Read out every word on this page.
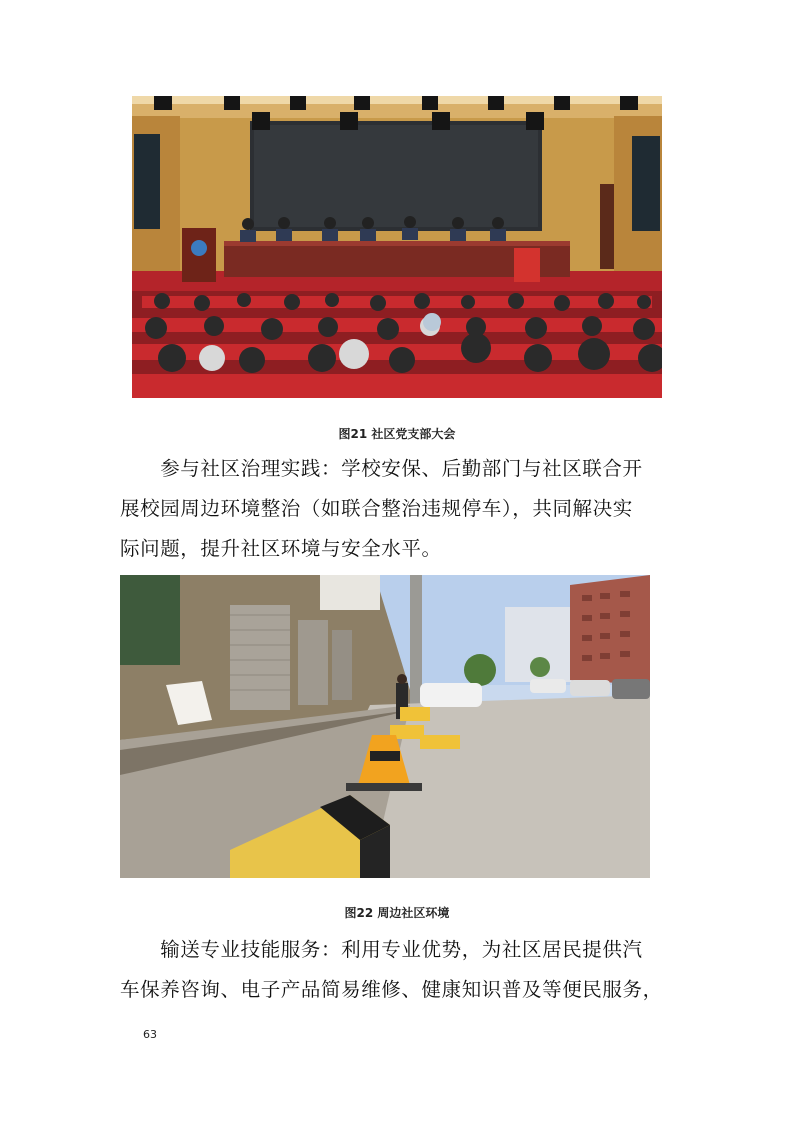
图21 社区党支部大会
　　参与社区治理实践：学校安保、后勤部门与社区联合开
展校园周边环境整治（如联合整治违规停车），共同解决实
际问题，提升社区环境与安全水平。
图22 周边社区环境
　　输送专业技能服务：利用专业优势，为社区居民提供汽
车保养咨询、电子产品简易维修、健康知识普及等便民服务，
63
